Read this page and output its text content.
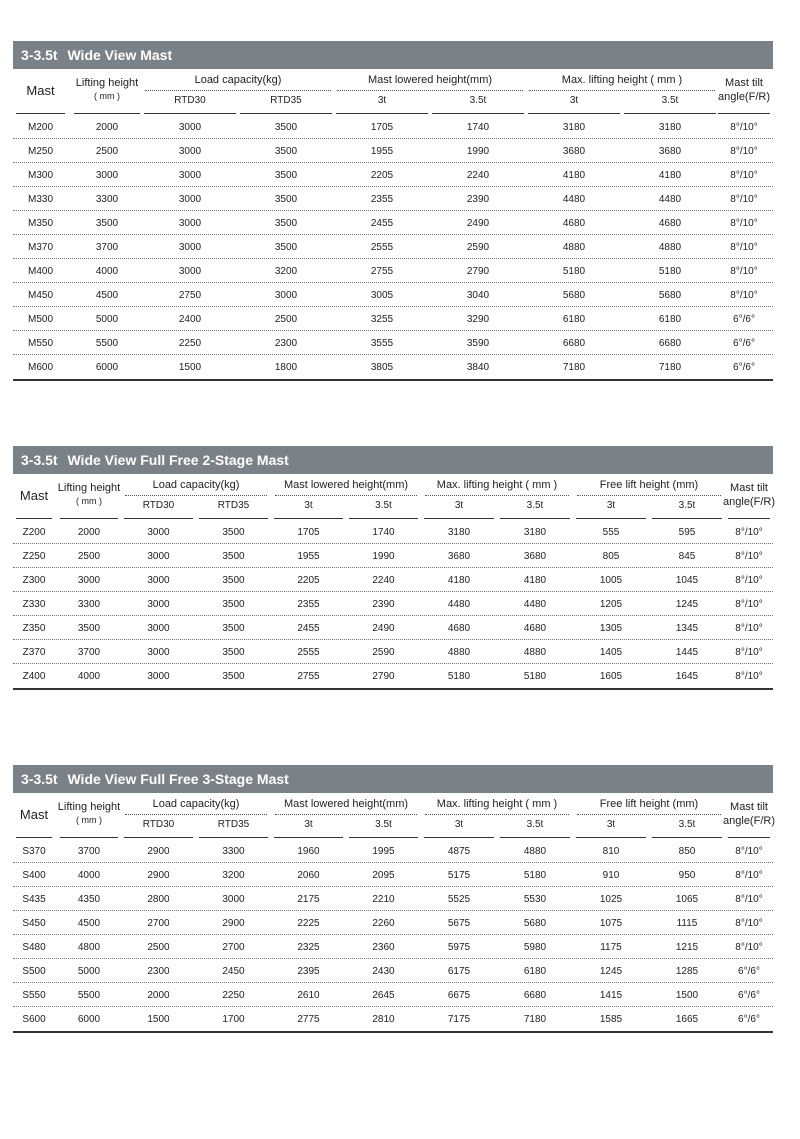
3-3.5t Wide View Mast
Mast	Lifting height
( mm )
Load capacity(kg)	Mast lowered height(mm)	Max. lifting height ( mm )
RTD30	RTD35	3t	3.5t	3t	3.5t
Mast tilt
angle(F/R)
M200	2000	3000	3500	1705	1740	3180	3180	8°/10°
M250	2500	3000	3500	1955	1990	3680	3680	8°/10°
M300	3000	3000	3500	2205	2240	4180	4180	8°/10°
M330	3300	3000	3500	2355	2390	4480	4480	8°/10°
M350	3500	3000	3500	2455	2490	4680	4680	8°/10°
M370	3700	3000	3500	2555	2590	4880	4880	8°/10°
M400	4000	3000	3200	2755	2790	5180	5180	8°/10°
M450	4500	2750	3000	3005	3040	5680	5680	8°/10°
M500	5000	2400	2500	3255	3290	6180	6180	6°/6°
M550	5500	2250	2300	3555	3590	6680	6680	6°/6°
M600	6000	1500	1800	3805	3840	7180	7180	6°/6°
3-3.5t Wide View Full Free 2-Stage Mast
Mast Lifting height
( mm )
Load capacity(kg)	Mast lowered height(mm)	Max. lifting height ( mm )	Free lift height (mm)
RTD30	RTD35	3t	3.5t	3t	3.5t	3t	3.5t
Mast tilt
angle(F/R)
Z200	2000	3000	3500	1705	1740	3180	3180	555	595	8°/10°
Z250	2500	3000	3500	1955	1990	3680	3680	805	845	8°/10°
Z300	3000	3000	3500	2205	2240	4180	4180	1005	1045	8°/10°
Z330	3300	3000	3500	2355	2390	4480	4480	1205	1245	8°/10°
Z350	3500	3000	3500	2455	2490	4680	4680	1305	1345	8°/10°
Z370	3700	3000	3500	2555	2590	4880	4880	1405	1445	8°/10°
Z400	4000	3000	3500	2755	2790	5180	5180	1605	1645	8°/10°
3-3.5t Wide View Full Free 3-Stage Mast
Mast Lifting height
( mm )
Load capacity(kg)	Mast lowered height(mm)	Max. lifting height ( mm )	Free lift height (mm)
RTD30	RTD35	3t	3.5t	3t	3.5t	3t	3.5t
Mast tilt
angle(F/R)
S370	3700	2900	3300	1960	1995	4875	4880	810	850	8°/10°
S400	4000	2900	3200	2060	2095	5175	5180	910	950	8°/10°
S435	4350	2800	3000	2175	2210	5525	5530	1025	1065	8°/10°
S450	4500	2700	2900	2225	2260	5675	5680	1075	1115	8°/10°
S480	4800	2500	2700	2325	2360	5975	5980	1175	1215	8°/10°
S500	5000	2300	2450	2395	2430	6175	6180	1245	1285	6°/6°
S550	5500	2000	2250	2610	2645	6675	6680	1415	1500	6°/6°
S600	6000	1500	1700	2775	2810	7175	7180	1585	1665	6°/6°
